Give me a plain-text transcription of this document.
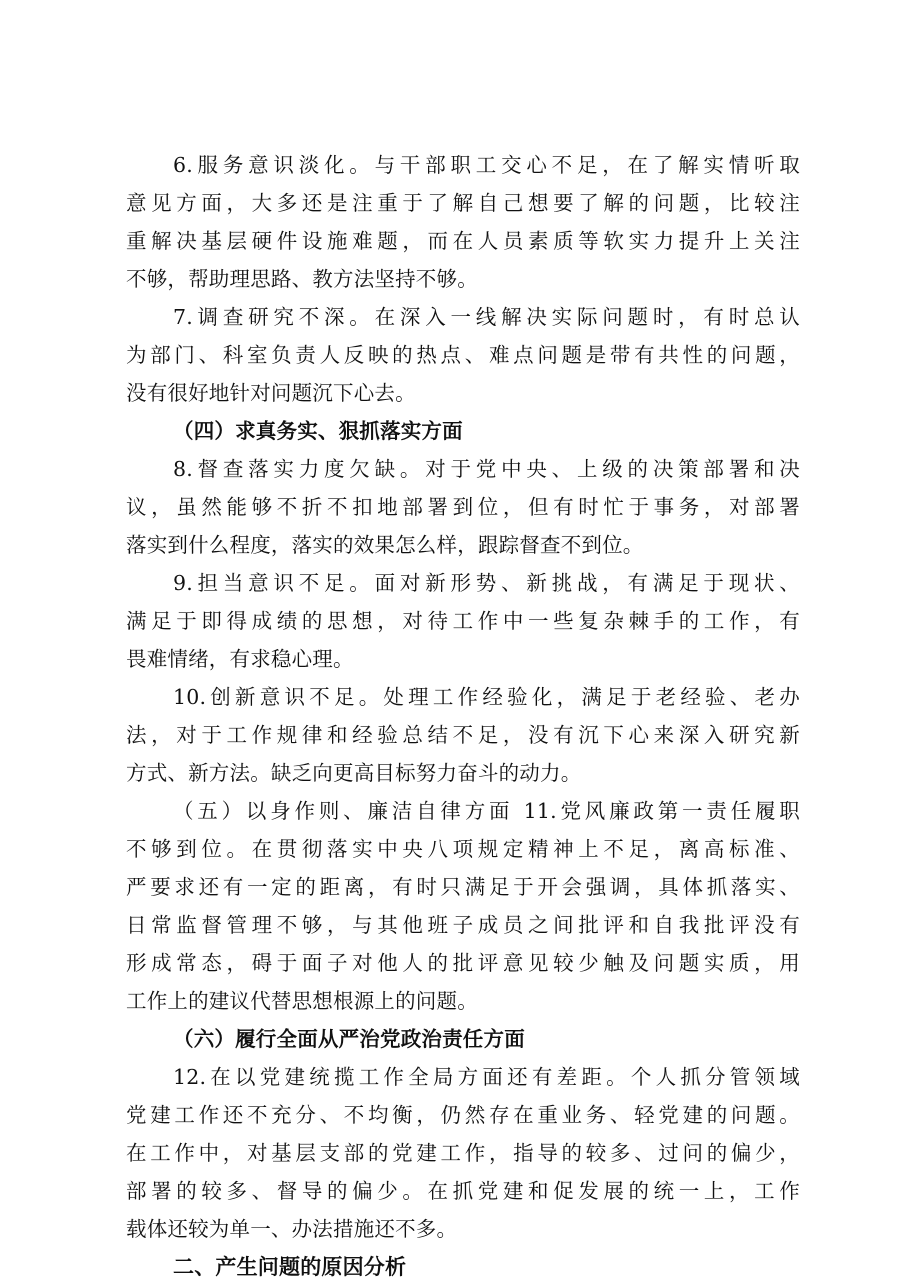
6.服务意识淡化。与干部职工交心不足，在了解实情听取
意见方面，大多还是注重于了解自己想要了解的问题，比较注
重解决基层硬件设施难题，而在人员素质等软实力提升上关注
不够，帮助理思路、教方法坚持不够。
7.调查研究不深。在深入一线解决实际问题时，有时总认
为部门、科室负责人反映的热点、难点问题是带有共性的问题，
没有很好地针对问题沉下心去。
（四）求真务实、狠抓落实方面
8.督查落实力度欠缺。对于党中央、上级的决策部署和决
议，虽然能够不折不扣地部署到位，但有时忙于事务，对部署
落实到什么程度，落实的效果怎么样，跟踪督查不到位。
9.担当意识不足。面对新形势、新挑战，有满足于现状、
满足于即得成绩的思想，对待工作中一些复杂棘手的工作，有
畏难情绪，有求稳心理。
10.创新意识不足。处理工作经验化，满足于老经验、老办
法，对于工作规律和经验总结不足，没有沉下心来深入研究新
方式、新方法。缺乏向更高目标努力奋斗的动力。
（五）以身作则、廉洁自律方面 11.党风廉政第一责任履职
不够到位。在贯彻落实中央八项规定精神上不足，离高标准、
严要求还有一定的距离，有时只满足于开会强调，具体抓落实、
日常监督管理不够，与其他班子成员之间批评和自我批评没有
形成常态，碍于面子对他人的批评意见较少触及问题实质，用
工作上的建议代替思想根源上的问题。
（六）履行全面从严治党政治责任方面
12.在以党建统揽工作全局方面还有差距。个人抓分管领域
党建工作还不充分、不均衡，仍然存在重业务、轻党建的问题。
在工作中，对基层支部的党建工作，指导的较多、过问的偏少，
部署的较多、督导的偏少。在抓党建和促发展的统一上，工作
载体还较为单一、办法措施还不多。
二、产生问题的原因分析
